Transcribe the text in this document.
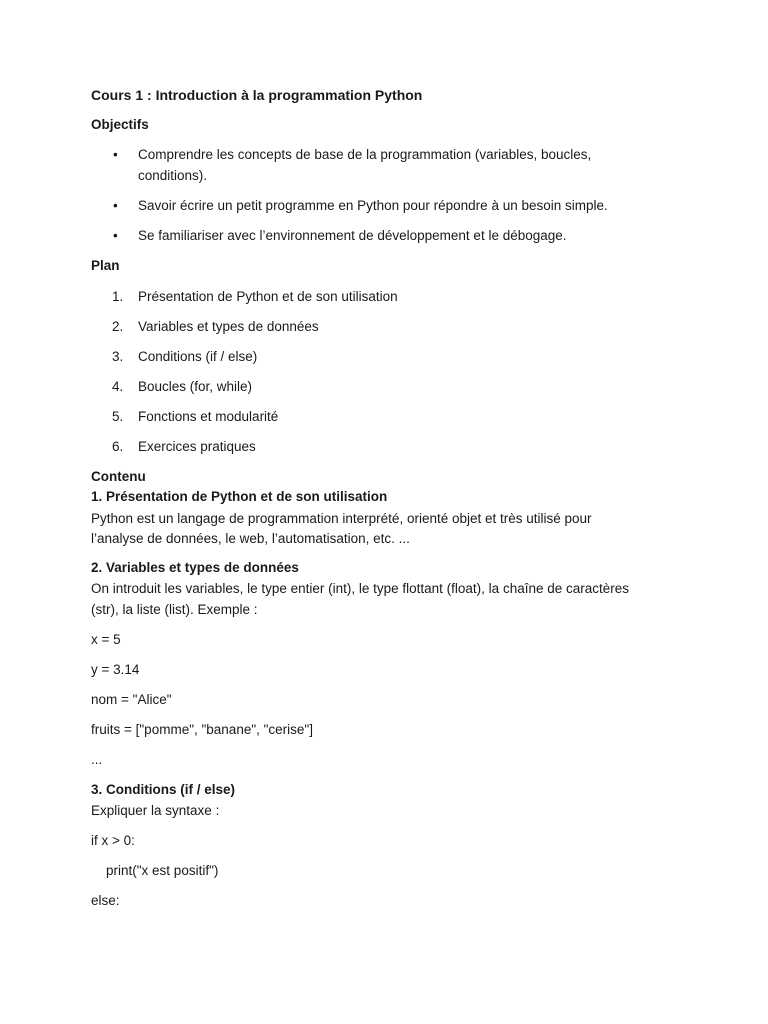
Cours 1 : Introduction à la programmation Python
Objectifs
• Comprendre les concepts de base de la programmation (variables, boucles,
conditions).
• Savoir écrire un petit programme en Python pour répondre à un besoin simple.
• Se familiariser avec l’environnement de développement et le débogage.
Plan
1. Présentation de Python et de son utilisation
2. Variables et types de données
3. Conditions (if / else)
4. Boucles (for, while)
5. Fonctions et modularité
6. Exercices pratiques
Contenu
1. Présentation de Python et de son utilisation
Python est un langage de programmation interprété, orienté objet et très utilisé pour
l’analyse de données, le web, l’automatisation, etc. ...
2. Variables et types de données
On introduit les variables, le type entier (int), le type flottant (float), la chaîne de caractères
(str), la liste (list). Exemple :
x = 5
y = 3.14
nom = "Alice"
fruits = ["pomme", "banane", "cerise"]
...
3. Conditions (if / else)
Expliquer la syntaxe :
if x > 0:
print("x est positif")
else:
